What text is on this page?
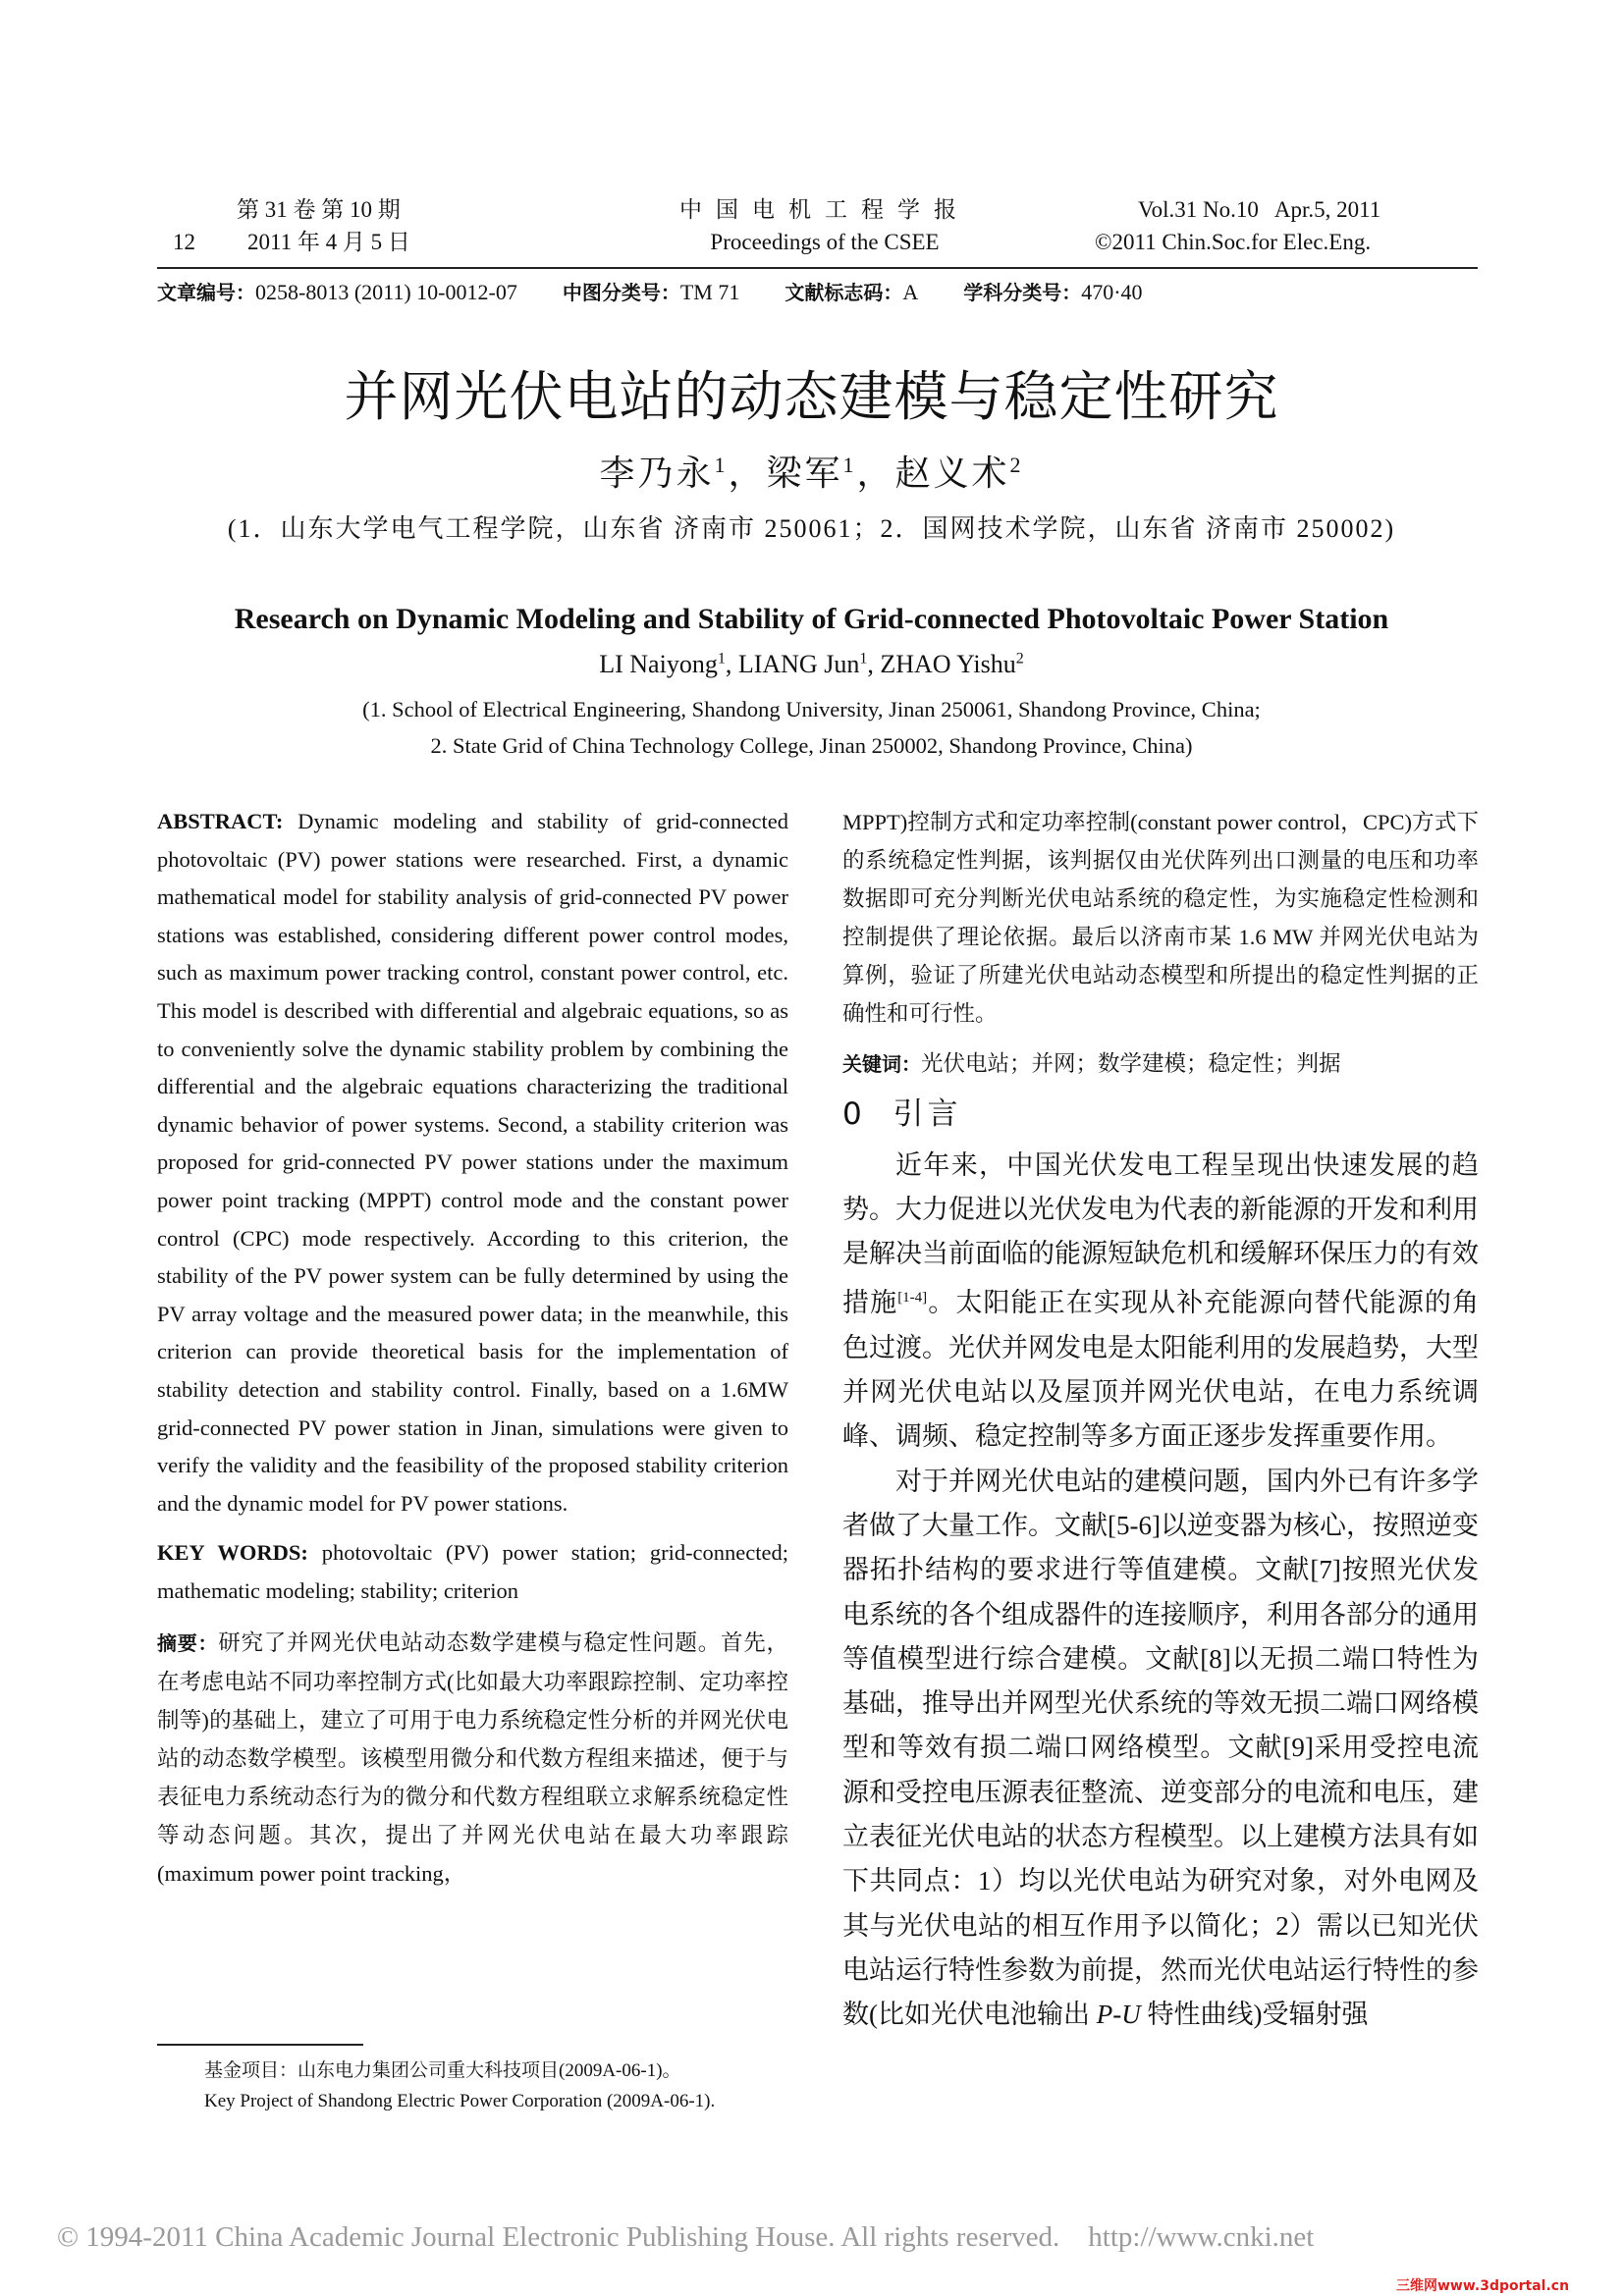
第 31 卷 第 10 期
12 2011 年 4 月 5 日
中国电机工程学报
Proceedings of the CSEE
Vol.31 No.10   Apr.5, 2011
©2011 Chin.Soc.for Elec.Eng.
文章编号：0258-8013 (2011) 10-0012-07 中图分类号：TM 71 文献标志码：A 学科分类号：470·40
并网光伏电站的动态建模与稳定性研究
李乃永$^1$，梁军$^1$，赵义术$^2$
(1．山东大学电气工程学院，山东省 济南市 250061；2．国网技术学院，山东省 济南市 250002)
Research on Dynamic Modeling and Stability of Grid-connected Photovoltaic Power Station
LI Naiyong$^1$, LIANG Jun$^1$, ZHAO Yishu$^2$
(1. School of Electrical Engineering, Shandong University, Jinan 250061, Shandong Province, China;
2. State Grid of China Technology College, Jinan 250002, Shandong Province, China)

ABSTRACT: Dynamic modeling and stability of grid-connected photovoltaic (PV) power stations were researched. First, a dynamic mathematical model for stability analysis of grid-connected PV power stations was established, considering different power control modes, such as maximum power tracking control, constant power control, etc. This model is described with differential and algebraic equations, so as to conveniently solve the dynamic stability problem by combining the differential and the algebraic equations characterizing the traditional dynamic behavior of power systems. Second, a stability criterion was proposed for grid-connected PV power stations under the maximum power point tracking (MPPT) control mode and the constant power control (CPC) mode respectively. According to this criterion, the stability of the PV power system can be fully determined by using the PV array voltage and the measured power data; in the meanwhile, this criterion can provide theoretical basis for the implementation of stability detection and stability control. Finally, based on a 1.6MW grid-connected PV power station in Jinan, simulations were given to verify the validity and the feasibility of the proposed stability criterion and the dynamic model for PV power stations.

KEY WORDS: photovoltaic (PV) power station; grid-connected; mathematic modeling; stability; criterion

摘要：研究了并网光伏电站动态数学建模与稳定性问题。首先，在考虑电站不同功率控制方式(比如最大功率跟踪控制、定功率控制等)的基础上，建立了可用于电力系统稳定性分析的并网光伏电站的动态数学模型。该模型用微分和代数方程组来描述，便于与表征电力系统动态行为的微分和代数方程组联立求解系统稳定性等动态问题。其次，提出了并网光伏电站在最大功率跟踪(maximum power point tracking，

MPPT)控制方式和定功率控制(constant power control，CPC)方式下的系统稳定性判据，该判据仅由光伏阵列出口测量的电压和功率数据即可充分判断光伏电站系统的稳定性，为实施稳定性检测和控制提供了理论依据。最后以济南市某 1.6 MW 并网光伏电站为算例，验证了所建光伏电站动态模型和所提出的稳定性判据的正确性和可行性。

关键词：光伏电站；并网；数学建模；稳定性；判据

0 引言

近年来，中国光伏发电工程呈现出快速发展的趋势。大力促进以光伏发电为代表的新能源的开发和利用是解决当前面临的能源短缺危机和缓解环保压力的有效措施[1-4]。太阳能正在实现从补充能源向替代能源的角色过渡。光伏并网发电是太阳能利用的发展趋势，大型并网光伏电站以及屋顶并网光伏电站，在电力系统调峰、调频、稳定控制等多方面正逐步发挥重要作用。

对于并网光伏电站的建模问题，国内外已有许多学者做了大量工作。文献[5-6]以逆变器为核心，按照逆变器拓扑结构的要求进行等值建模。文献[7]按照光伏发电系统的各个组成器件的连接顺序，利用各部分的通用等值模型进行综合建模。文献[8]以无损二端口特性为基础，推导出并网型光伏系统的等效无损二端口网络模型和等效有损二端口网络模型。文献[9]采用受控电流源和受控电压源表征整流、逆变部分的电流和电压，建立表征光伏电站的状态方程模型。以上建模方法具有如下共同点：1）均以光伏电站为研究对象，对外电网及其与光伏电站的相互作用予以简化；2）需以已知光伏电站运行特性参数为前提，然而光伏电站运行特性的参数(比如光伏电池输出 P-U 特性曲线)受辐射强

基金项目：山东电力集团公司重大科技项目(2009A-06-1)。
Key Project of Shandong Electric Power Corporation (2009A-06-1).
© 1994-2011 China Academic Journal Electronic Publishing House. All rights reserved.    http://www.cnki.net
三维网www.3dportal.cn
